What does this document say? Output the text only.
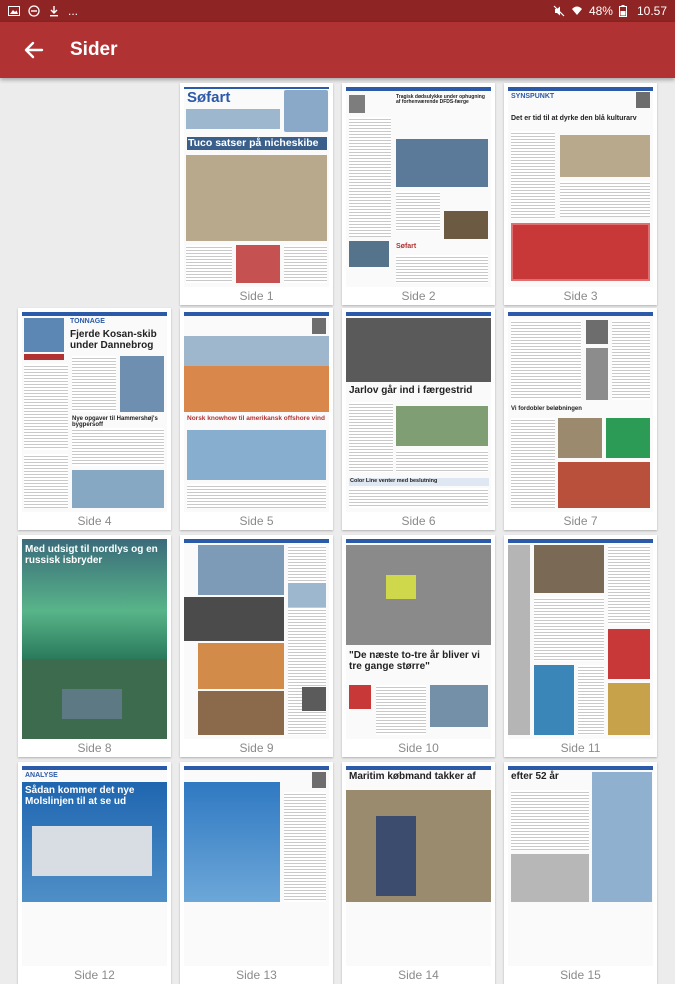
...	48% 10.57
Sider
Søfart
Tuco satser på nicheskibe
Side 1
Tragisk dødsulykke under ophugning af forhenværende DFDS-færge
Søfart
Side 2
SYNSPUNKT
Det er tid til at dyrke den blå kulturarv
Side 3
TONNAGE
Fjerde Kosan-skib under Dannebrog
Nye opgaver til Hammershøj's bygpersoff
Side 4
Norsk knowhow til amerikansk offshore vind
Side 5
Jarlov går ind i færgestrid
Color Line venter med beslutning
Side 6
Vi fordobler beløbningen
Side 7
Med udsigt til nordlys og en russisk isbryder
Side 8	Side 9
"De næste to-tre år bliver vi tre gange større"
Side 10	Side 11
ANALYSE
Sådan kommer det nye Molslinjen til at se ud
Side 12	Side 13
Maritim købmand takker af
Side 14
efter 52 år
Side 15
